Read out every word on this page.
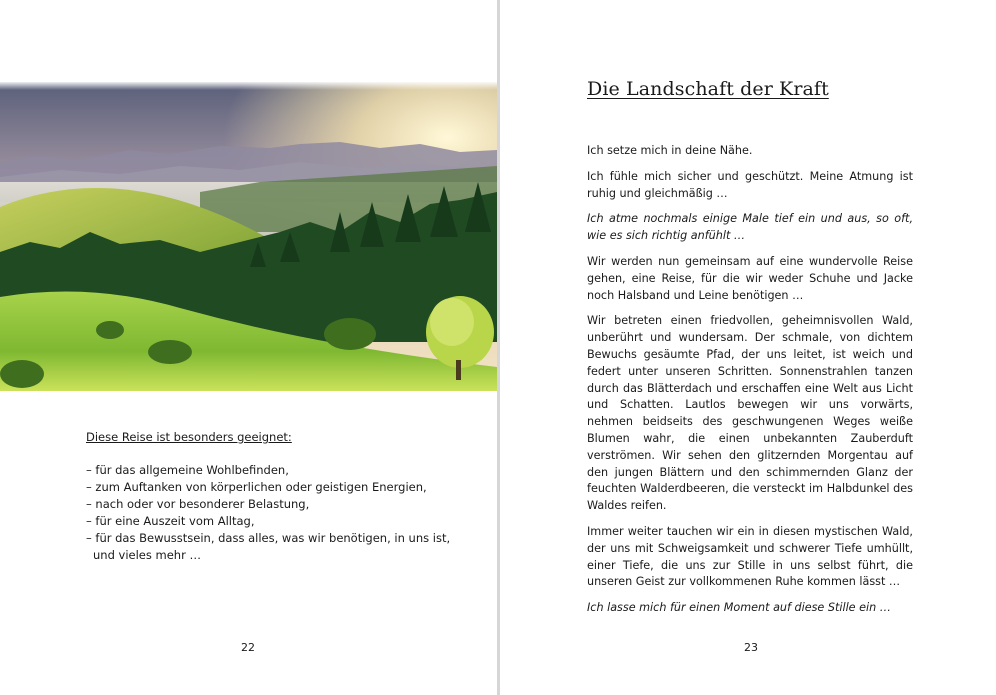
Diese Reise ist besonders geeignet:

– für das allgemeine Wohlbefinden,
– zum Auftanken von körperlichen oder geistigen Energien,
– nach oder vor besonderer Belastung,
– für eine Auszeit vom Alltag,
– für das Bewusstsein, dass alles, was wir benötigen, in uns ist,
und vieles mehr …
22
Die Landschaft der Kraft

Ich setze mich in deine Nähe.

Ich fühle mich sicher und geschützt. Meine Atmung ist ruhig und gleichmäßig …

Ich atme nochmals einige Male tief ein und aus, so oft, wie es sich richtig anfühlt …

Wir werden nun gemeinsam auf eine wundervolle Reise gehen, eine Reise, für die wir weder Schuhe und Jacke noch Halsband und Leine benötigen …

Wir betreten einen friedvollen, geheimnisvollen Wald, unberührt und wundersam. Der schmale, von dichtem Bewuchs gesäumte Pfad, der uns leitet, ist weich und federt unter unseren Schritten. Sonnenstrahlen tanzen durch das Blätterdach und erschaffen eine Welt aus Licht und Schatten. Lautlos bewegen wir uns vorwärts, nehmen beidseits des geschwungenen Weges weiße Blumen wahr, die einen unbekannten Zauberduft verströmen. Wir sehen den glitzernden Morgentau auf den jungen Blättern und den schimmernden Glanz der feuchten Walderdbeeren, die versteckt im Halbdunkel des Waldes reifen.

Immer weiter tauchen wir ein in diesen mystischen Wald, der uns mit Schweigsamkeit und schwerer Tiefe umhüllt, einer Tiefe, die uns zur Stille in uns selbst führt, die unseren Geist zur vollkommenen Ruhe kommen lässt …

Ich lasse mich für einen Moment auf diese Stille ein …

23
